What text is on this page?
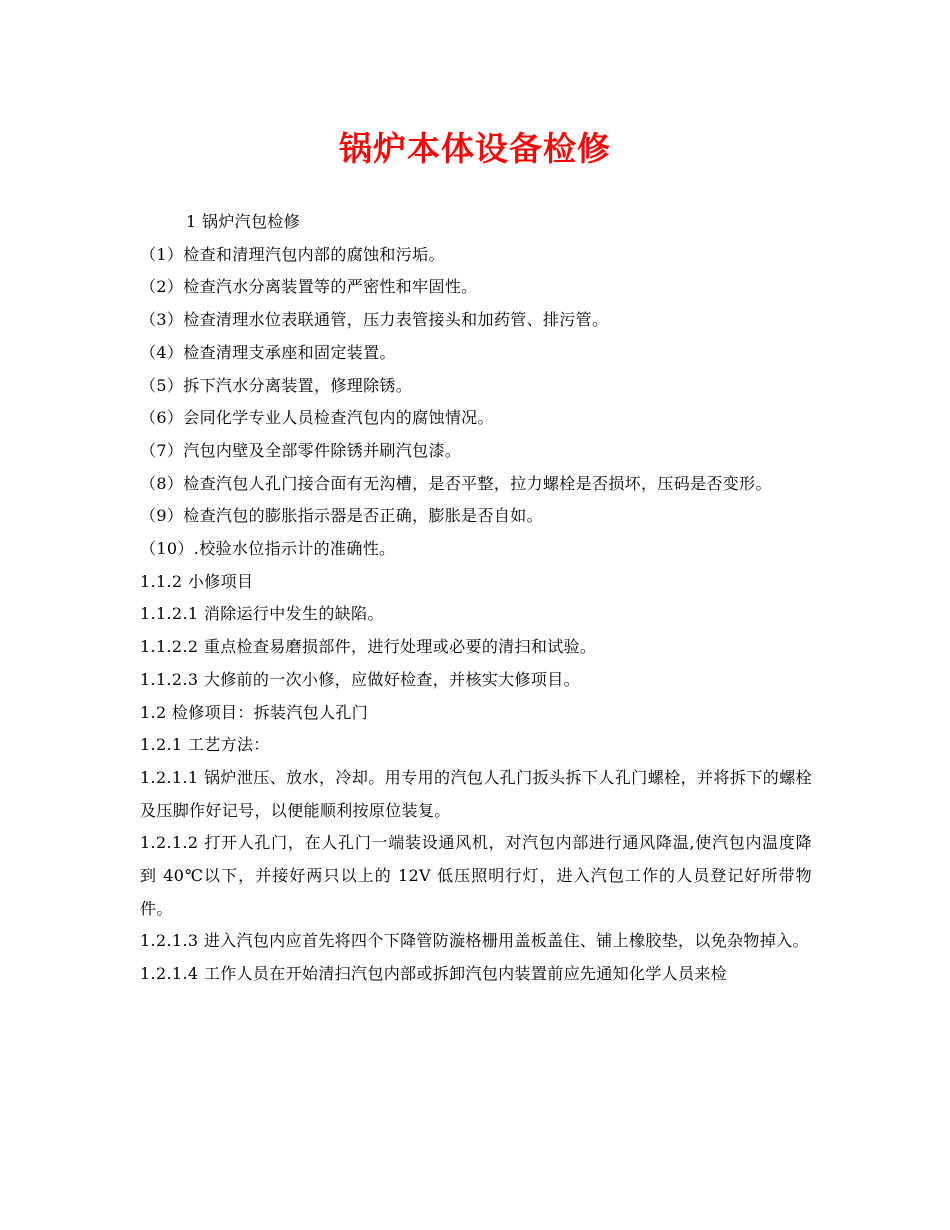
锅炉本体设备检修

1 锅炉汽包检修

（1）检查和清理汽包内部的腐蚀和污垢。

（2）检查汽水分离装置等的严密性和牢固性。

（3）检查清理水位表联通管，压力表管接头和加药管、排污管。

（4）检查清理支承座和固定装置。

（5）拆下汽水分离装置，修理除锈。

（6）会同化学专业人员检查汽包内的腐蚀情况。

（7）汽包内壁及全部零件除锈并刷汽包漆。

（8）检查汽包人孔门接合面有无沟槽，是否平整，拉力螺栓是否损坏，压码是否变形。

（9）检查汽包的膨胀指示器是否正确，膨胀是否自如。

（10）.校验水位指示计的准确性。

1.1.2 小修项目

1.1.2.1 消除运行中发生的缺陷。

1.1.2.2 重点检查易磨损部件，进行处理或必要的清扫和试验。

1.1.2.3 大修前的一次小修，应做好检查，并核实大修项目。

1.2 检修项目：拆装汽包人孔门

1.2.1 工艺方法：

1.2.1.1 锅炉泄压、放水，冷却。用专用的汽包人孔门扳头拆下人孔门螺栓，并将拆下的螺栓及压脚作好记号，以便能顺利按原位装复。

1.2.1.2 打开人孔门，在人孔门一端装设通风机，对汽包内部进行通风降温,使汽包内温度降到 40℃以下，并接好两只以上的 12V 低压照明行灯，进入汽包工作的人员登记好所带物件。

1.2.1.3 进入汽包内应首先将四个下降管防漩格栅用盖板盖住、铺上橡胶垫，以免杂物掉入。

1.2.1.4 工作人员在开始清扫汽包内部或拆卸汽包内装置前应先通知化学人员来检
